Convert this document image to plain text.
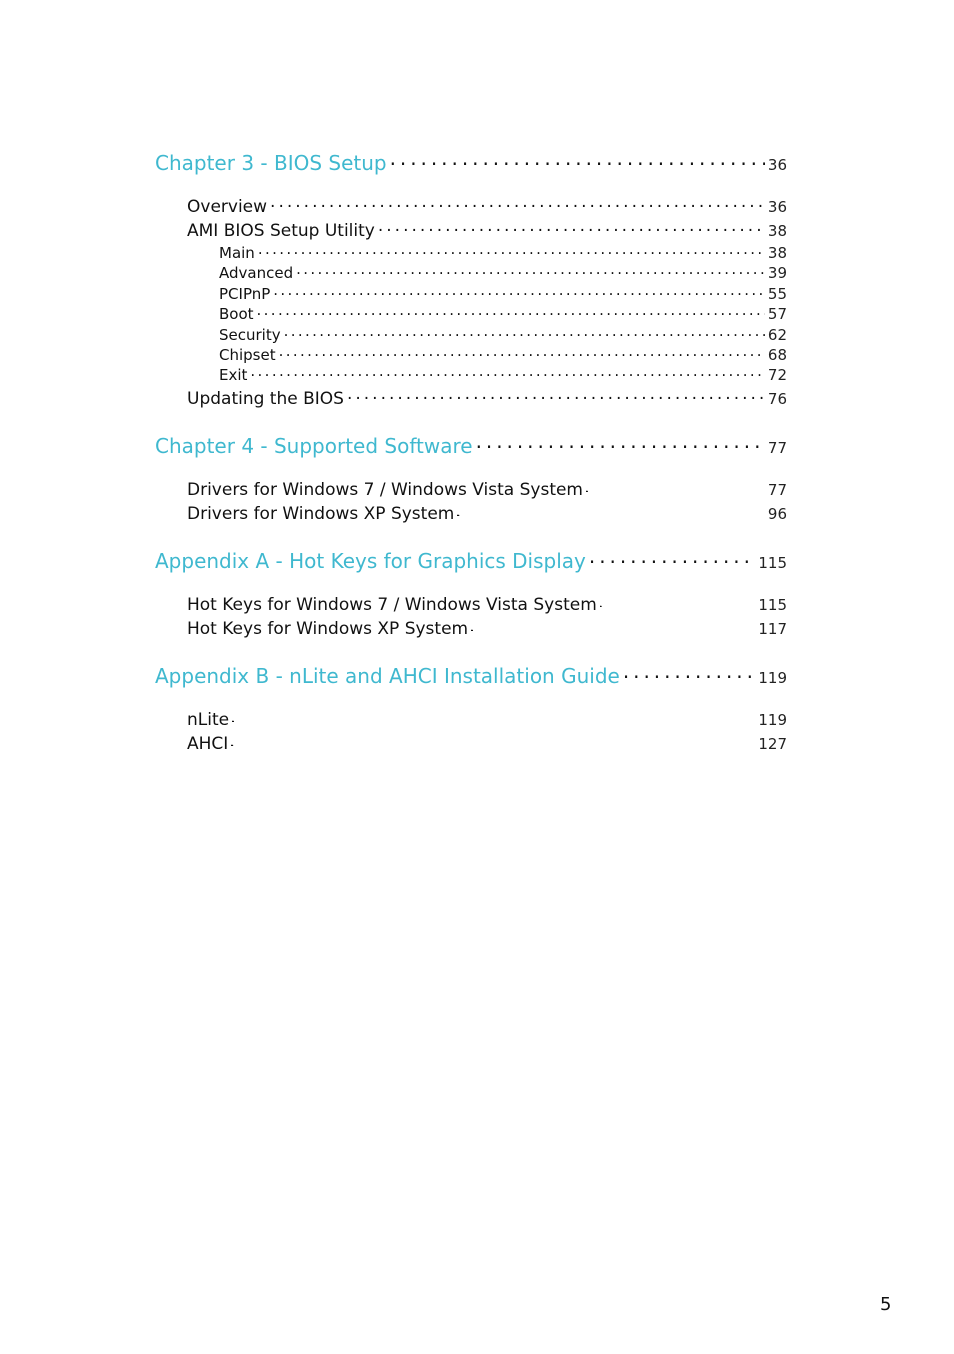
Chapter 3 - BIOS Setup . . .	36
Overview . . .	36
AMI BIOS Setup Utility . . .	38
Main . . .	38
Advanced . . .	39
PCIPnP . . .	55
Boot . . .	57
Security . . .	62
Chipset . . .	68
Exit . . .	72
Updating the BIOS . . .	76
Chapter 4 - Supported Software . . .	77
Drivers for Windows 7 / Windows Vista System . . .	77
Drivers for Windows XP System . . .	96
Appendix A - Hot Keys for Graphics Display . . .	115
Hot Keys for Windows 7 / Windows Vista System . . .	115
Hot Keys for Windows XP System . . .	117
Appendix B - nLite and AHCI Installation Guide . . .	119
nLite . . .	119
AHCI . . .	127
5
